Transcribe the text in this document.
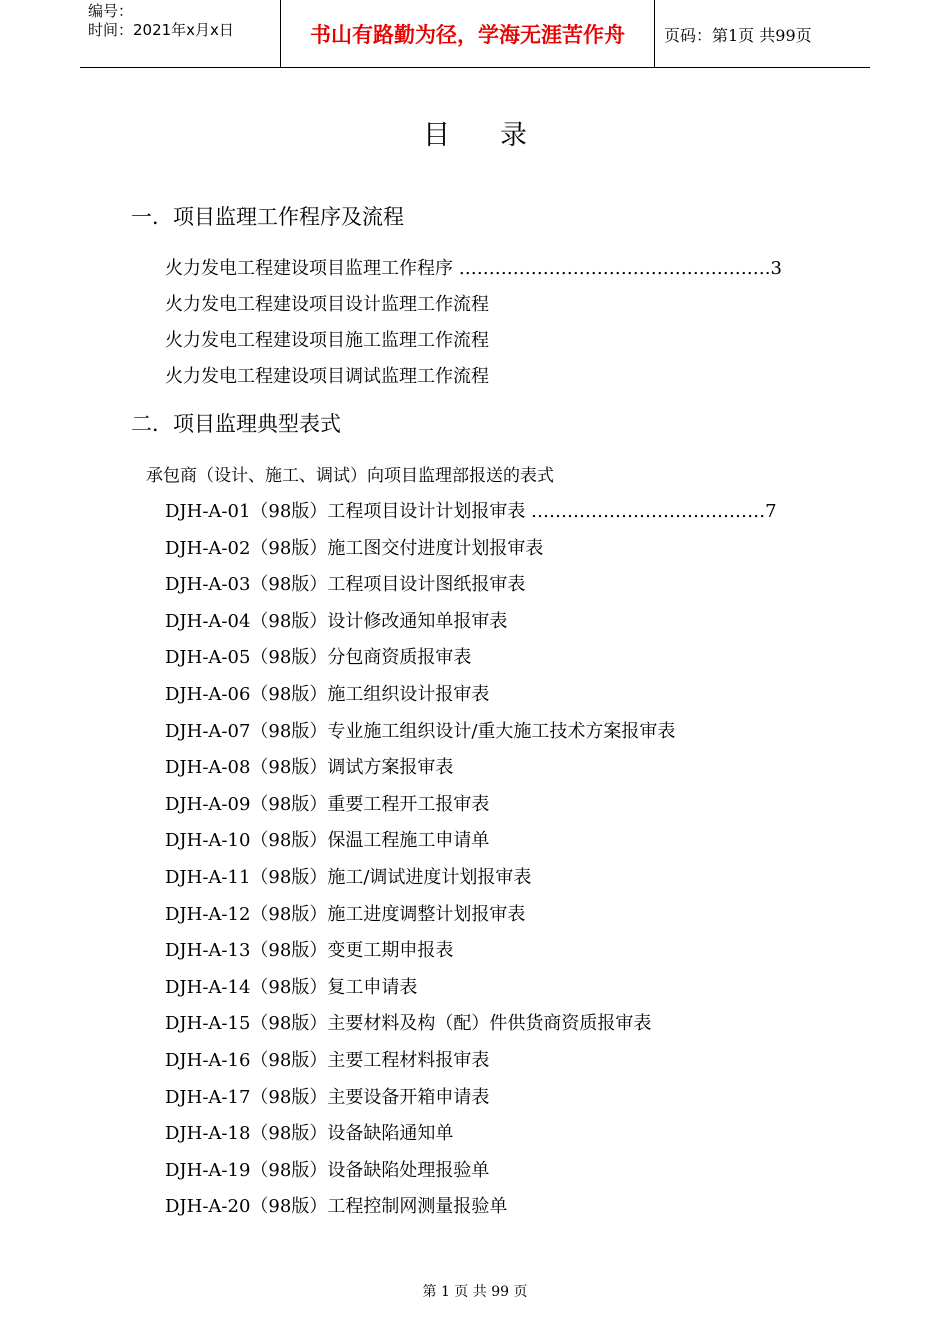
编号：
时间：2021年x月x日	书山有路勤为径，学海无涯苦作舟	页码：第1页 共99页
目录
一．项目监理工作程序及流程
火力发电工程建设项目监理工作程序 …………………………………………….3
火力发电工程建设项目设计监理工作流程
火力发电工程建设项目施工监理工作流程
火力发电工程建设项目调试监理工作流程
二．项目监理典型表式
承包商（设计、施工、调试）向项目监理部报送的表式
DJH-A-01（98版）工程项目设计计划报审表 …………………………………7
DJH-A-02（98版）施工图交付进度计划报审表
DJH-A-03（98版）工程项目设计图纸报审表
DJH-A-04（98版）设计修改通知单报审表
DJH-A-05（98版）分包商资质报审表
DJH-A-06（98版）施工组织设计报审表
DJH-A-07（98版）专业施工组织设计/重大施工技术方案报审表
DJH-A-08（98版）调试方案报审表
DJH-A-09（98版）重要工程开工报审表
DJH-A-10（98版）保温工程施工申请单
DJH-A-11（98版）施工/调试进度计划报审表
DJH-A-12（98版）施工进度调整计划报审表
DJH-A-13（98版）变更工期申报表
DJH-A-14（98版）复工申请表
DJH-A-15（98版）主要材料及构（配）件供货商资质报审表
DJH-A-16（98版）主要工程材料报审表
DJH-A-17（98版）主要设备开箱申请表
DJH-A-18（98版）设备缺陷通知单
DJH-A-19（98版）设备缺陷处理报验单
DJH-A-20（98版）工程控制网测量报验单
第 1 页 共 99 页
